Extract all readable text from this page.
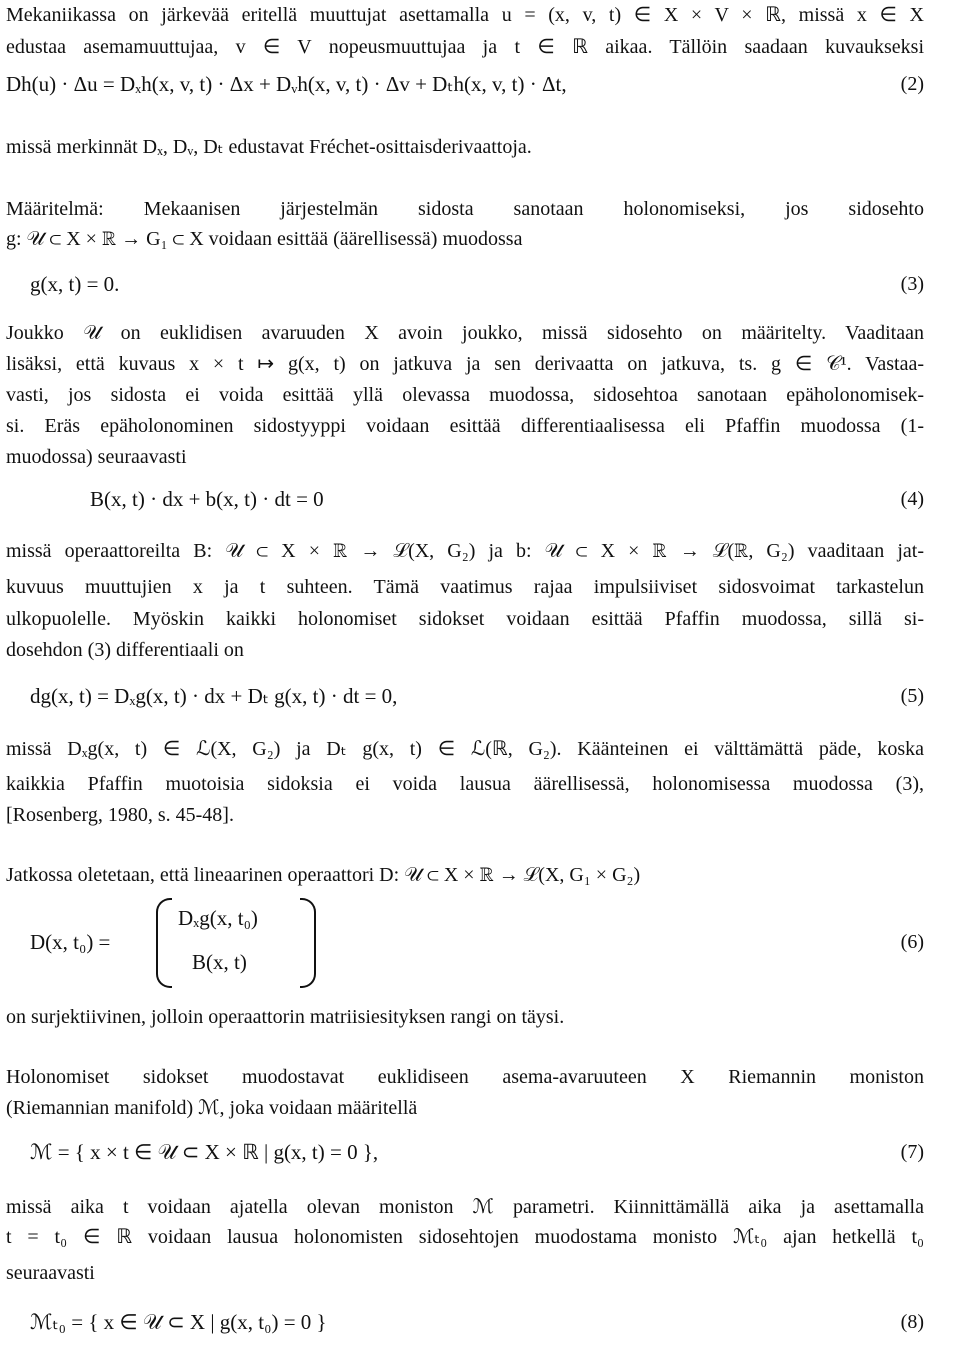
Mekaniikassa on järkevää eritellä muuttujat asettamalla u = (x, v, t) ∈ X × V × ℝ, missä x ∈ X
edustaa asemamuuttujaa, v ∈ V nopeusmuuttujaa ja t ∈ ℝ aikaa. Tällöin saadaan kuvaukseksi
Dh(u) · Δu = Dₓh(x, v, t) · Δx + Dᵥh(x, v, t) · Δv + Dₜh(x, v, t) · Δt,	(2)
missä merkinnät Dₓ, Dᵥ, Dₜ edustavat Fréchet-osittaisderivaattoja.
Määritelmä: Mekaanisen järjestelmän sidosta sanotaan holonomiseksi, jos sidosehto
g: 𝒰 ⊂ X × ℝ → G₁ ⊂ X voidaan esittää (äärellisessä) muodossa
g(x, t) = 0.	(3)
Joukko 𝒰 on euklidisen avaruuden X avoin joukko, missä sidosehto on määritelty. Vaaditaan
lisäksi, että kuvaus x × t ↦ g(x, t) on jatkuva ja sen derivaatta on jatkuva, ts. g ∈ 𝒞¹. Vastaa-
vasti, jos sidosta ei voida esittää yllä olevassa muodossa, sidosehtoa sanotaan epäholonomisek-
si. Eräs epäholonominen sidostyyppi voidaan esittää differentiaalisessa eli Pfaffin muodossa (1-
muodossa) seuraavasti
B(x, t) · dx + b(x, t) · dt = 0	(4)
missä operaattoreilta B: 𝒰 ⊂ X × ℝ → ℒ(X, G₂) ja b: 𝒰 ⊂ X × ℝ → ℒ(ℝ, G₂) vaaditaan jat-
kuvuus muuttujien x ja t suhteen. Tämä vaatimus rajaa impulsiiviset sidosvoimat tarkastelun
ulkopuolelle. Myöskin kaikki holonomiset sidokset voidaan esittää Pfaffin muodossa, sillä si-
dosehdon (3) differentiaali on
dg(x, t) = Dₓg(x, t) · dx + Dₜ g(x, t) · dt = 0,	(5)
missä Dₓg(x, t) ∈ ℒ(X, G₂) ja Dₜ g(x, t) ∈ ℒ(ℝ, G₂). Käänteinen ei välttämättä päde, koska
kaikkia Pfaffin muotoisia sidoksia ei voida lausua äärellisessä, holonomisessa muodossa (3),
[Rosenberg, 1980, s. 45-48].
Jatkossa oletetaan, että lineaarinen operaattori D: 𝒰 ⊂ X × ℝ → ℒ(X, G₁ × G₂)
D(x, t₀) =
Dₓg(x, t₀)
B(x, t)
(6)
on surjektiivinen, jolloin operaattorin matriisiesityksen rangi on täysi.
Holonomiset sidokset muodostavat euklidiseen asema-avaruuteen X Riemannin moniston
(Riemannian manifold) ℳ, joka voidaan määritellä
ℳ = { x × t ∈ 𝒰 ⊂ X × ℝ | g(x, t) = 0 },	(7)
missä aika t voidaan ajatella olevan moniston ℳ parametri. Kiinnittämällä aika ja asettamalla
t = t₀ ∈ ℝ voidaan lausua holonomisten sidosehtojen muodostama monisto ℳₜ₀ ajan hetkellä t₀
seuraavasti
ℳₜ₀ = { x ∈ 𝒰 ⊂ X | g(x, t₀) = 0 }	(8)
